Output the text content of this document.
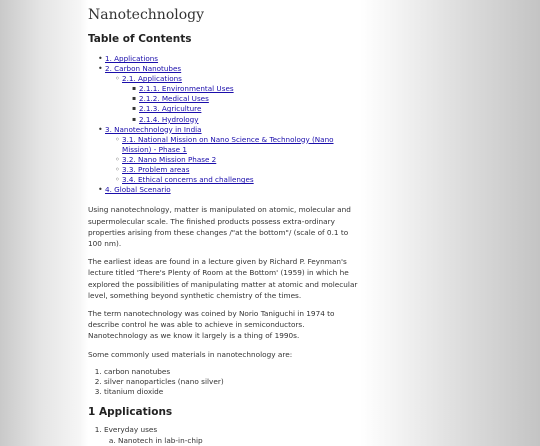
Nanotechnology
Table of Contents
• 1. Applications
• 2. Carbon Nanotubes
◦ 2.1. Applications
▪ 2.1.1. Environmental Uses
▪ 2.1.2. Medical Uses
▪ 2.1.3. Agriculture
▪ 2.1.4. Hydrology
• 3. Nanotechnology in India
◦ 3.1. National Mission on Nano Science & Technology (Nano Mission) - Phase 1
◦ 3.2. Nano Mission Phase 2
◦ 3.3. Problem areas
◦ 3.4. Ethical concerns and challenges
• 4. Global Scenario

Using nanotechnology, matter is manipulated on atomic, molecular and supermolecular scale. The finished products possess extra-ordinary properties arising from these changes /"at the bottom"/ (scale of 0.1 to 100 nm).

The earliest ideas are found in a lecture given by Richard P. Feynman's lecture titled 'There's Plenty of Room at the Bottom' (1959) in which he explored the possibilities of manipulating matter at atomic and molecular level, something beyond synthetic chemistry of the times.

The term nanotechnology was coined by Norio Taniguchi in 1974 to describe control he was able to achieve in semiconductors. Nanotechnology as we know it largely is a thing of 1990s.

Some commonly used materials in nanotechnology are:

1. carbon nanotubes
2. silver nanoparticles (nano silver)
3. titanium dioxide
1 Applications
1. Everyday uses
a. Nanotech in lab-in-chip
